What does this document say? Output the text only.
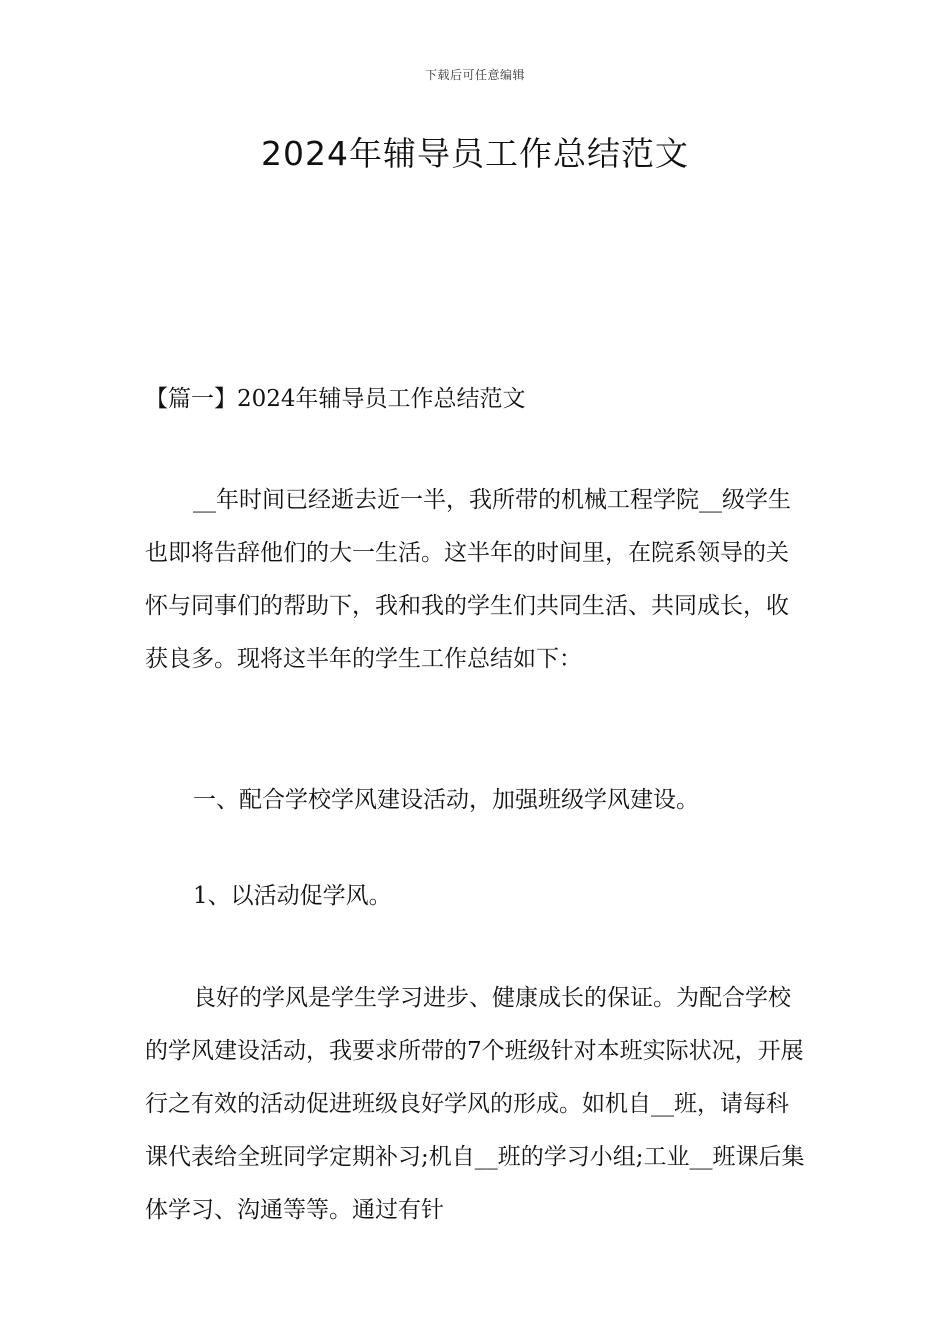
下载后可任意编辑
2024年辅导员工作总结范文
【篇一】2024年辅导员工作总结范文

__年时间已经逝去近一半，我所带的机械工程学院__级学生也即将告辞他们的大一生活。这半年的时间里，在院系领导的关怀与同事们的帮助下，我和我的学生们共同生活、共同成长，收获良多。现将这半年的学生工作总结如下：

一、配合学校学风建设活动，加强班级学风建设。

1、以活动促学风。

良好的学风是学生学习进步、健康成长的保证。为配合学校的学风建设活动，我要求所带的7个班级针对本班实际状况，开展行之有效的活动促进班级良好学风的形成。如机自__班，请每科课代表给全班同学定期补习;机自__班的学习小组;工业__班课后集体学习、沟通等等。通过有针
